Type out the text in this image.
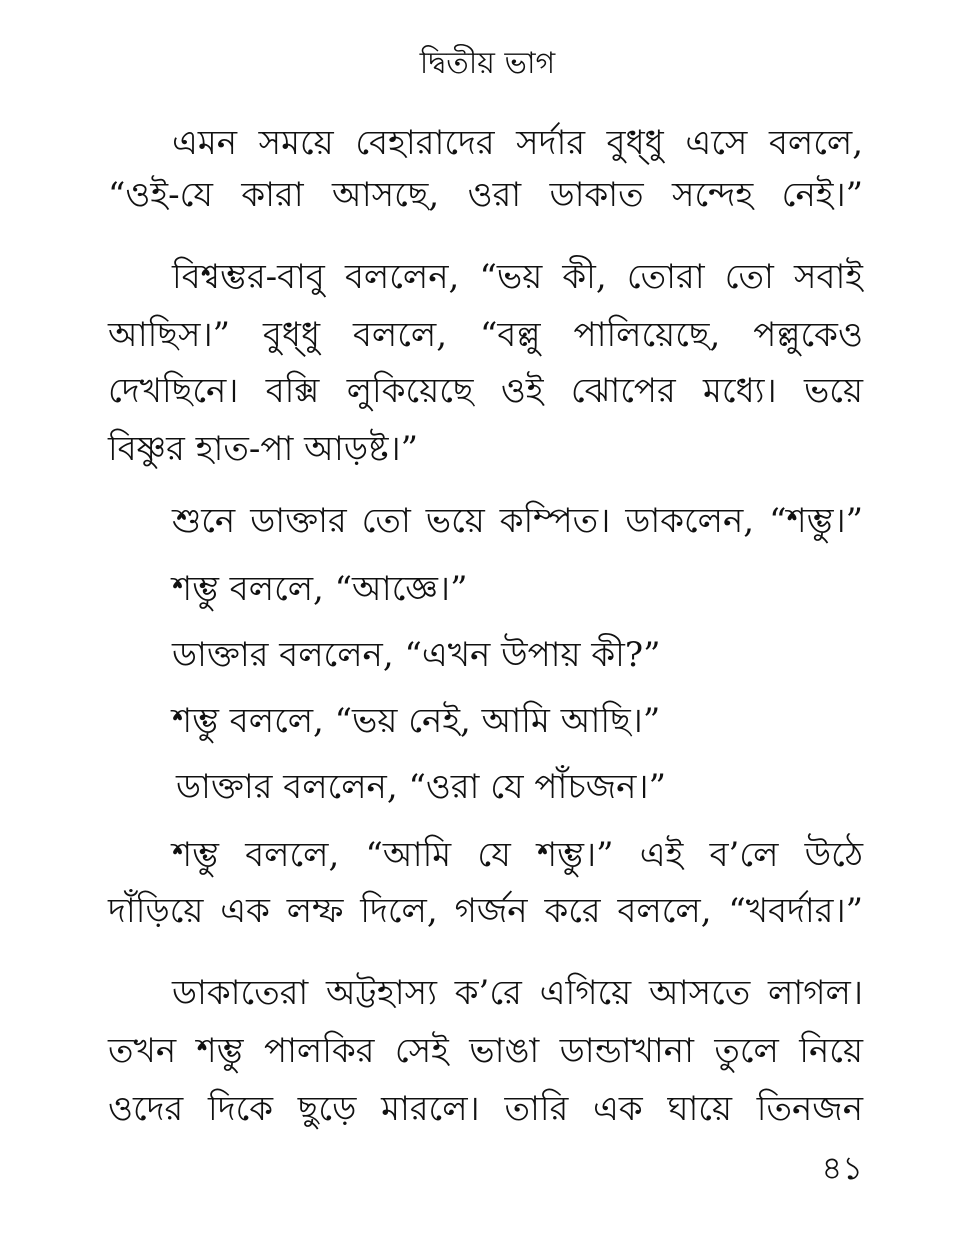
দ্বিতীয় ভাগ
এমন সময়ে বেহারাদের সর্দার বুধ্ধু এসে বললে,
“ওই-যে কারা আসছে, ওরা ডাকাত সন্দেহ নেই।”
বিশ্বম্ভর-বাবু বললেন, “ভয় কী, তোরা তো সবাই
আছিস।” বুধ্ধু বললে, “বল্লু পালিয়েছে, পল্লুকেও
দেখছিনে। বক্সি লুকিয়েছে ওই ঝোপের মধ্যে। ভয়ে
বিষ্ণুর হাত-পা আড়ষ্ট।”
শুনে ডাক্তার তো ভয়ে কম্পিত। ডাকলেন, “শম্ভু।”
শম্ভু বললে, “আজ্ঞে।”
ডাক্তার বললেন, “এখন উপায় কী?”
শম্ভু বললে, “ভয় নেই, আমি আছি।”
ডাক্তার বললেন, “ওরা যে পাঁচজন।”
শম্ভু বললে, “আমি যে শম্ভু।” এই ব’লে উঠে
দাঁড়িয়ে এক লম্ফ দিলে, গর্জন করে বললে, “খবর্দার।”
ডাকাতেরা অট্টহাস্য ক’রে এগিয়ে আসতে লাগল।
তখন শম্ভু পালকির সেই ভাঙা ডান্ডাখানা তুলে নিয়ে
ওদের দিকে ছুড়ে মারলে। তারি এক ঘায়ে তিনজন
৪১
